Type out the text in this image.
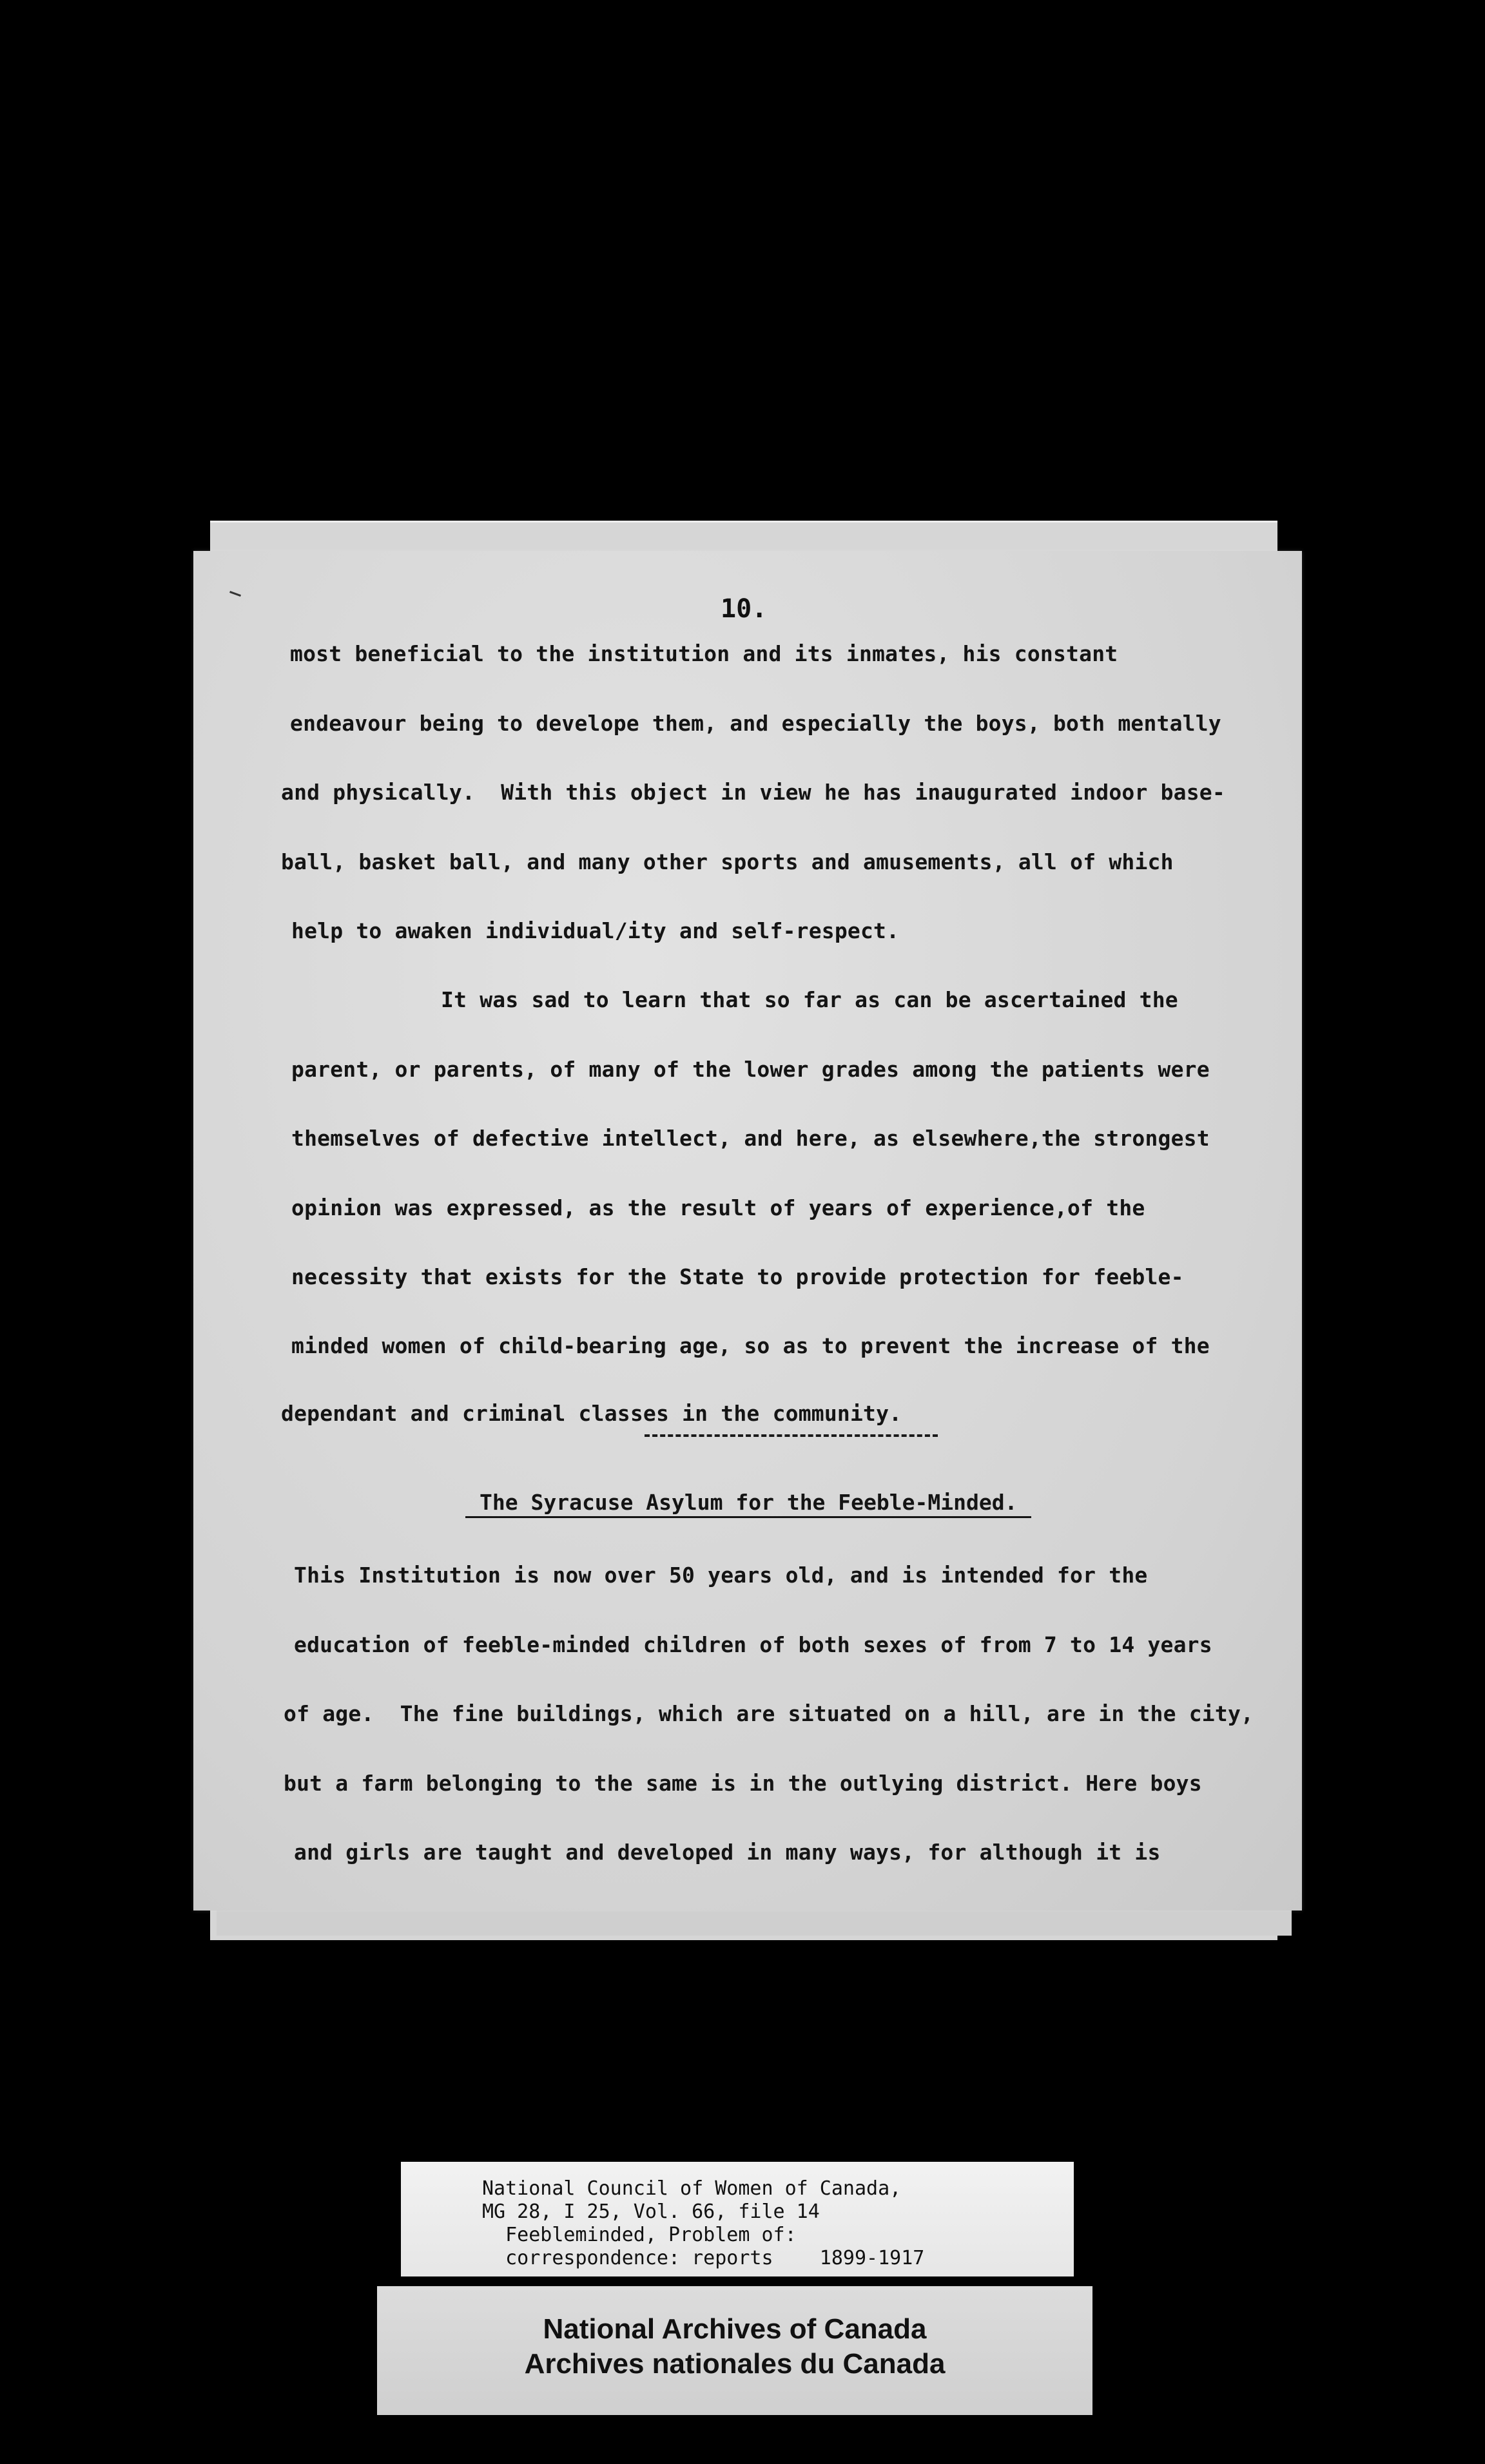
10.
most beneficial to the institution and its inmates, his constant
endeavour being to develope them, and especially the boys, both mentally
and physically.  With this object in view he has inaugurated indoor base-
ball, basket ball, and many other sports and amusements, all of which
help to awaken individual/ity and self-respect.
It was sad to learn that so far as can be ascertained the
parent, or parents, of many of the lower grades among the patients were
themselves of defective intellect, and here, as elsewhere,the strongest
opinion was expressed, as the result of years of experience,of the
necessity that exists for the State to provide protection for feeble-
minded women of child-bearing age, so as to prevent the increase of the
dependant and criminal classes in the community.
The Syracuse Asylum for the Feeble-Minded.
This Institution is now over 50 years old, and is intended for the
education of feeble-minded children of both sexes of from 7 to 14 years
of age.  The fine buildings, which are situated on a hill, are in the city,
but a farm belonging to the same is in the outlying district. Here boys
and girls are taught and developed in many ways, for although it is
National Council of Women of Canada,
MG 28, I 25, Vol. 66, file 14
Feebleminded, Problem of:
correspondence: reports    1899-1917
National Archives of Canada
Archives nationales du Canada
